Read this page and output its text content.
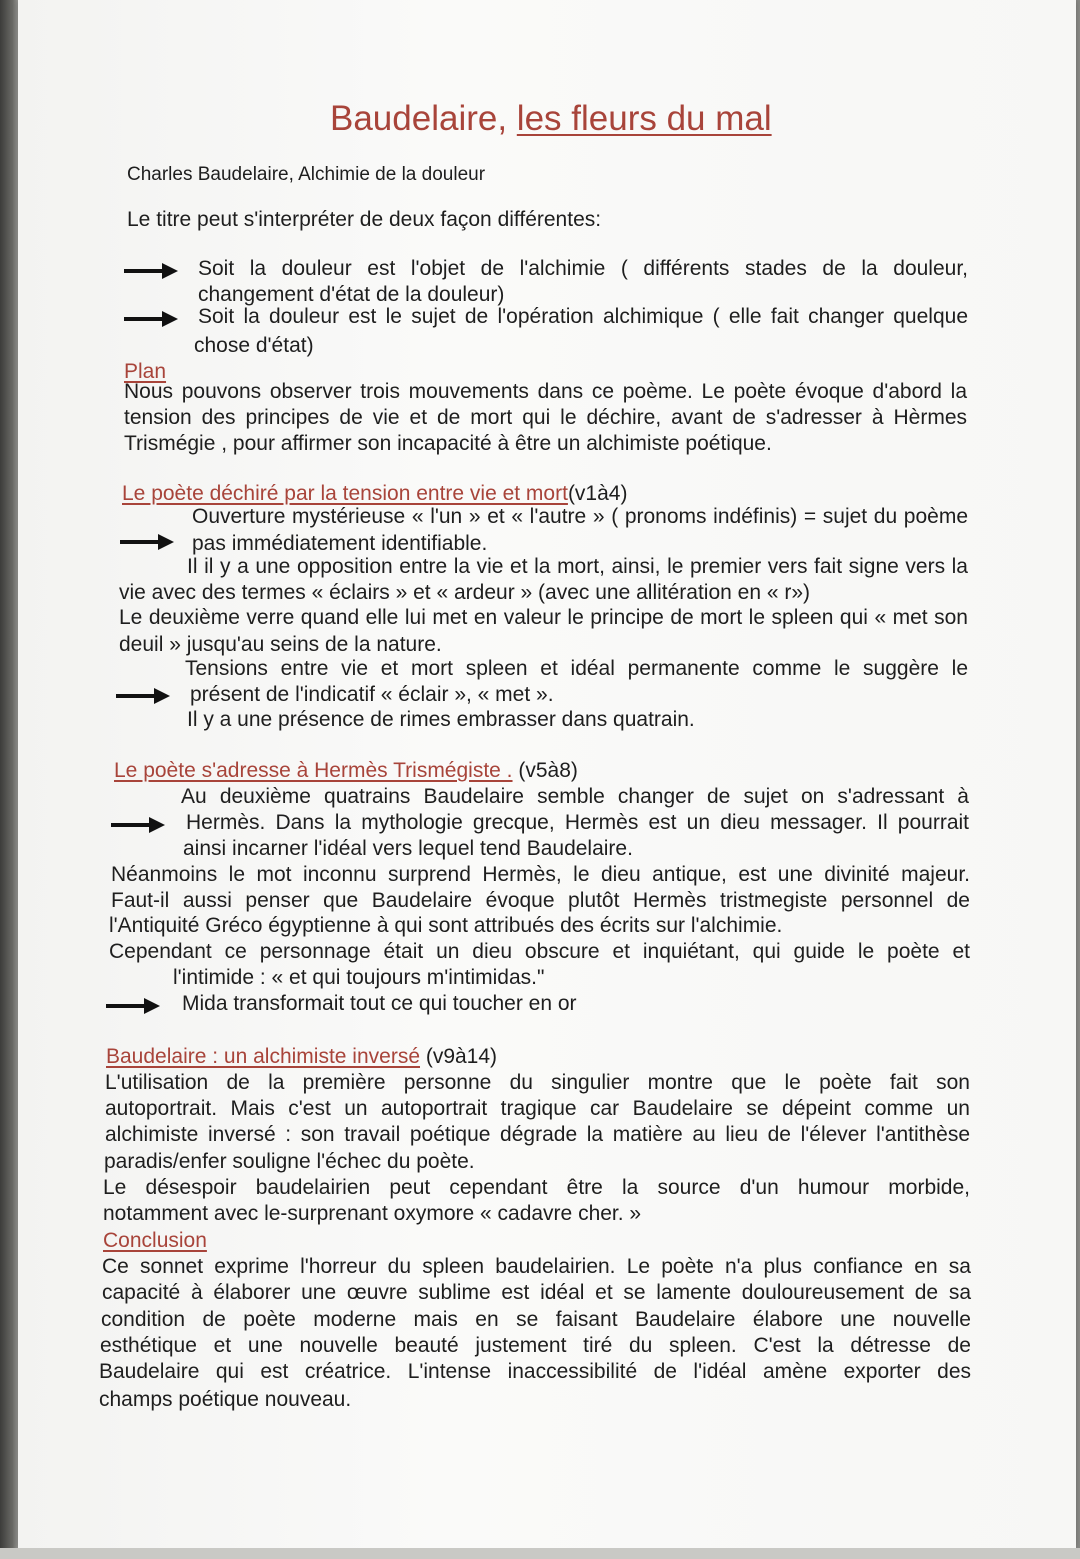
Baudelaire, les fleurs du mal
Charles Baudelaire, Alchimie de la douleur
Le titre peut s'interpréter de deux façon différentes:
Soit la douleur est l'objet de l'alchimie ( différents stades de la douleur,
changement d'état de la douleur)
Soit la douleur est le sujet de l'opération alchimique ( elle fait changer quelque
chose d'état)
Plan
Nous pouvons observer trois mouvements dans ce poème. Le poète évoque d'abord la
tension des principes de vie et de mort qui le déchire, avant de s'adresser à Hèrmes
Trismégie , pour affirmer son incapacité à être un alchimiste poétique.
Le poète déchiré par la tension entre vie et mort(v1à4)
Ouverture mystérieuse « l'un » et « l'autre » ( pronoms indéfinis) = sujet du poème
pas immédiatement identifiable.
Il il y a une opposition entre la vie et la mort, ainsi, le premier vers fait signe vers la
vie avec des termes « éclairs » et « ardeur » (avec une allitération en « r»)
Le deuxième verre quand elle lui met en valeur le principe de mort le spleen qui « met son
deuil » jusqu'au seins de la nature.
Tensions entre vie et mort spleen et idéal permanente comme le suggère le
présent de l'indicatif « éclair », « met ».
Il y a une présence de rimes embrasser dans quatrain.
Le poète s'adresse à Hermès Trismégiste . (v5à8)
Au deuxième quatrains Baudelaire semble changer de sujet on s'adressant à
Hermès. Dans la mythologie grecque, Hermès est un dieu messager. Il pourrait
ainsi incarner l'idéal vers lequel tend Baudelaire.
Néanmoins le mot inconnu surprend Hermès, le dieu antique, est une divinité majeur.
Faut-il aussi penser que Baudelaire évoque plutôt Hermès tristmegiste personnel de
l'Antiquité Gréco égyptienne à qui sont attribués des écrits sur l'alchimie.
Cependant ce personnage était un dieu obscure et inquiétant, qui guide le poète et
l'intimide : « et qui toujours m'intimidas."
Mida transformait tout ce qui toucher en or
Baudelaire : un alchimiste inversé (v9à14)
L'utilisation de la première personne du singulier montre que le poète fait son
autoportrait. Mais c'est un autoportrait tragique car Baudelaire se dépeint comme un
alchimiste inversé : son travail poétique dégrade la matière au lieu de l'élever l'antithèse
paradis/enfer souligne l'échec du poète.
Le désespoir baudelairien peut cependant être la source d'un humour morbide,
notamment avec le-surprenant oxymore « cadavre cher. »
Conclusion
Ce sonnet exprime l'horreur du spleen baudelairien. Le poète n'a plus confiance en sa
capacité à élaborer une œuvre sublime est idéal et se lamente douloureusement de sa
condition de poète moderne mais en se faisant Baudelaire élabore une nouvelle
esthétique et une nouvelle beauté justement tiré du spleen. C'est la détresse de
Baudelaire qui est créatrice. L'intense inaccessibilité de l'idéal amène exporter des
champs poétique nouveau.
